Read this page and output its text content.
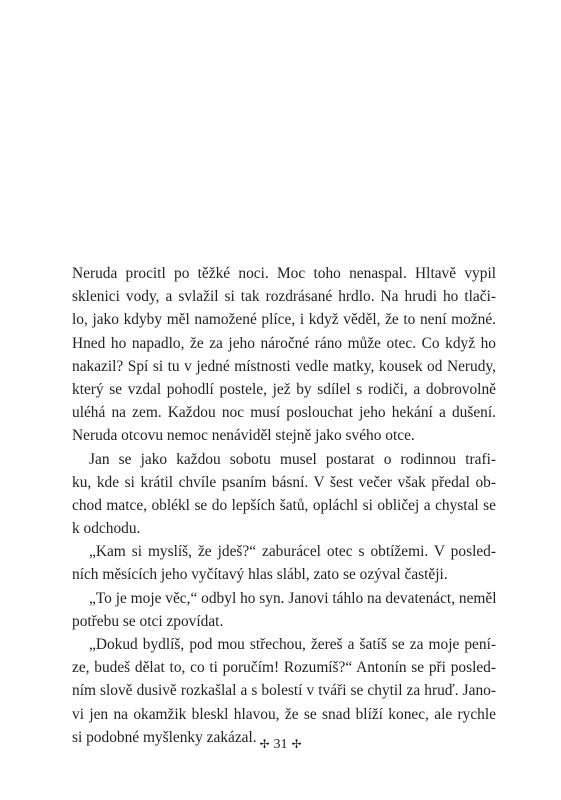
Neruda procitl po těžké noci. Moc toho nenaspal. Hltavě vypil
sklenici vody, a svlažil si tak rozdrásané hrdlo. Na hrudi ho tlači-
lo, jako kdyby měl namožené plíce, i když věděl, že to není možné.
Hned ho napadlo, že za jeho náročné ráno může otec. Co když ho
nakazil? Spí si tu v jedné místnosti vedle matky, kousek od Nerudy,
který se vzdal pohodlí postele, jež by sdílel s rodiči, a dobrovolně
uléhá na zem. Každou noc musí poslouchat jeho hekání a dušení.
Neruda otcovu nemoc nenáviděl stejně jako svého otce.
Jan se jako každou sobotu musel postarat o rodinnou trafi-
ku, kde si krátil chvíle psaním básní. V šest večer však předal ob-
chod matce, oblékl se do lepších šatů, opláchl si obličej a chystal se
k odchodu.
„Kam si myslíš, že jdeš?“ zaburácel otec s obtížemi. V posled-
ních měsících jeho vyčítavý hlas slábl, zato se ozýval častěji.
„To je moje věc,“ odbyl ho syn. Janovi táhlo na devatenáct, neměl
potřebu se otci zpovídat.
„Dokud bydlíš, pod mou střechou, žereš a šatíš se za moje pení-
ze, budeš dělat to, co ti poručím! Rozumíš?“ Antonín se při posled-
ním slově dusivě rozkašlal a s bolestí v tváři se chytil za hruď. Jano-
vi jen na okamžik bleskl hlavou, že se snad blíží konec, ale rychle
si podobné myšlenky zakázal. ✢ 31 ✢
